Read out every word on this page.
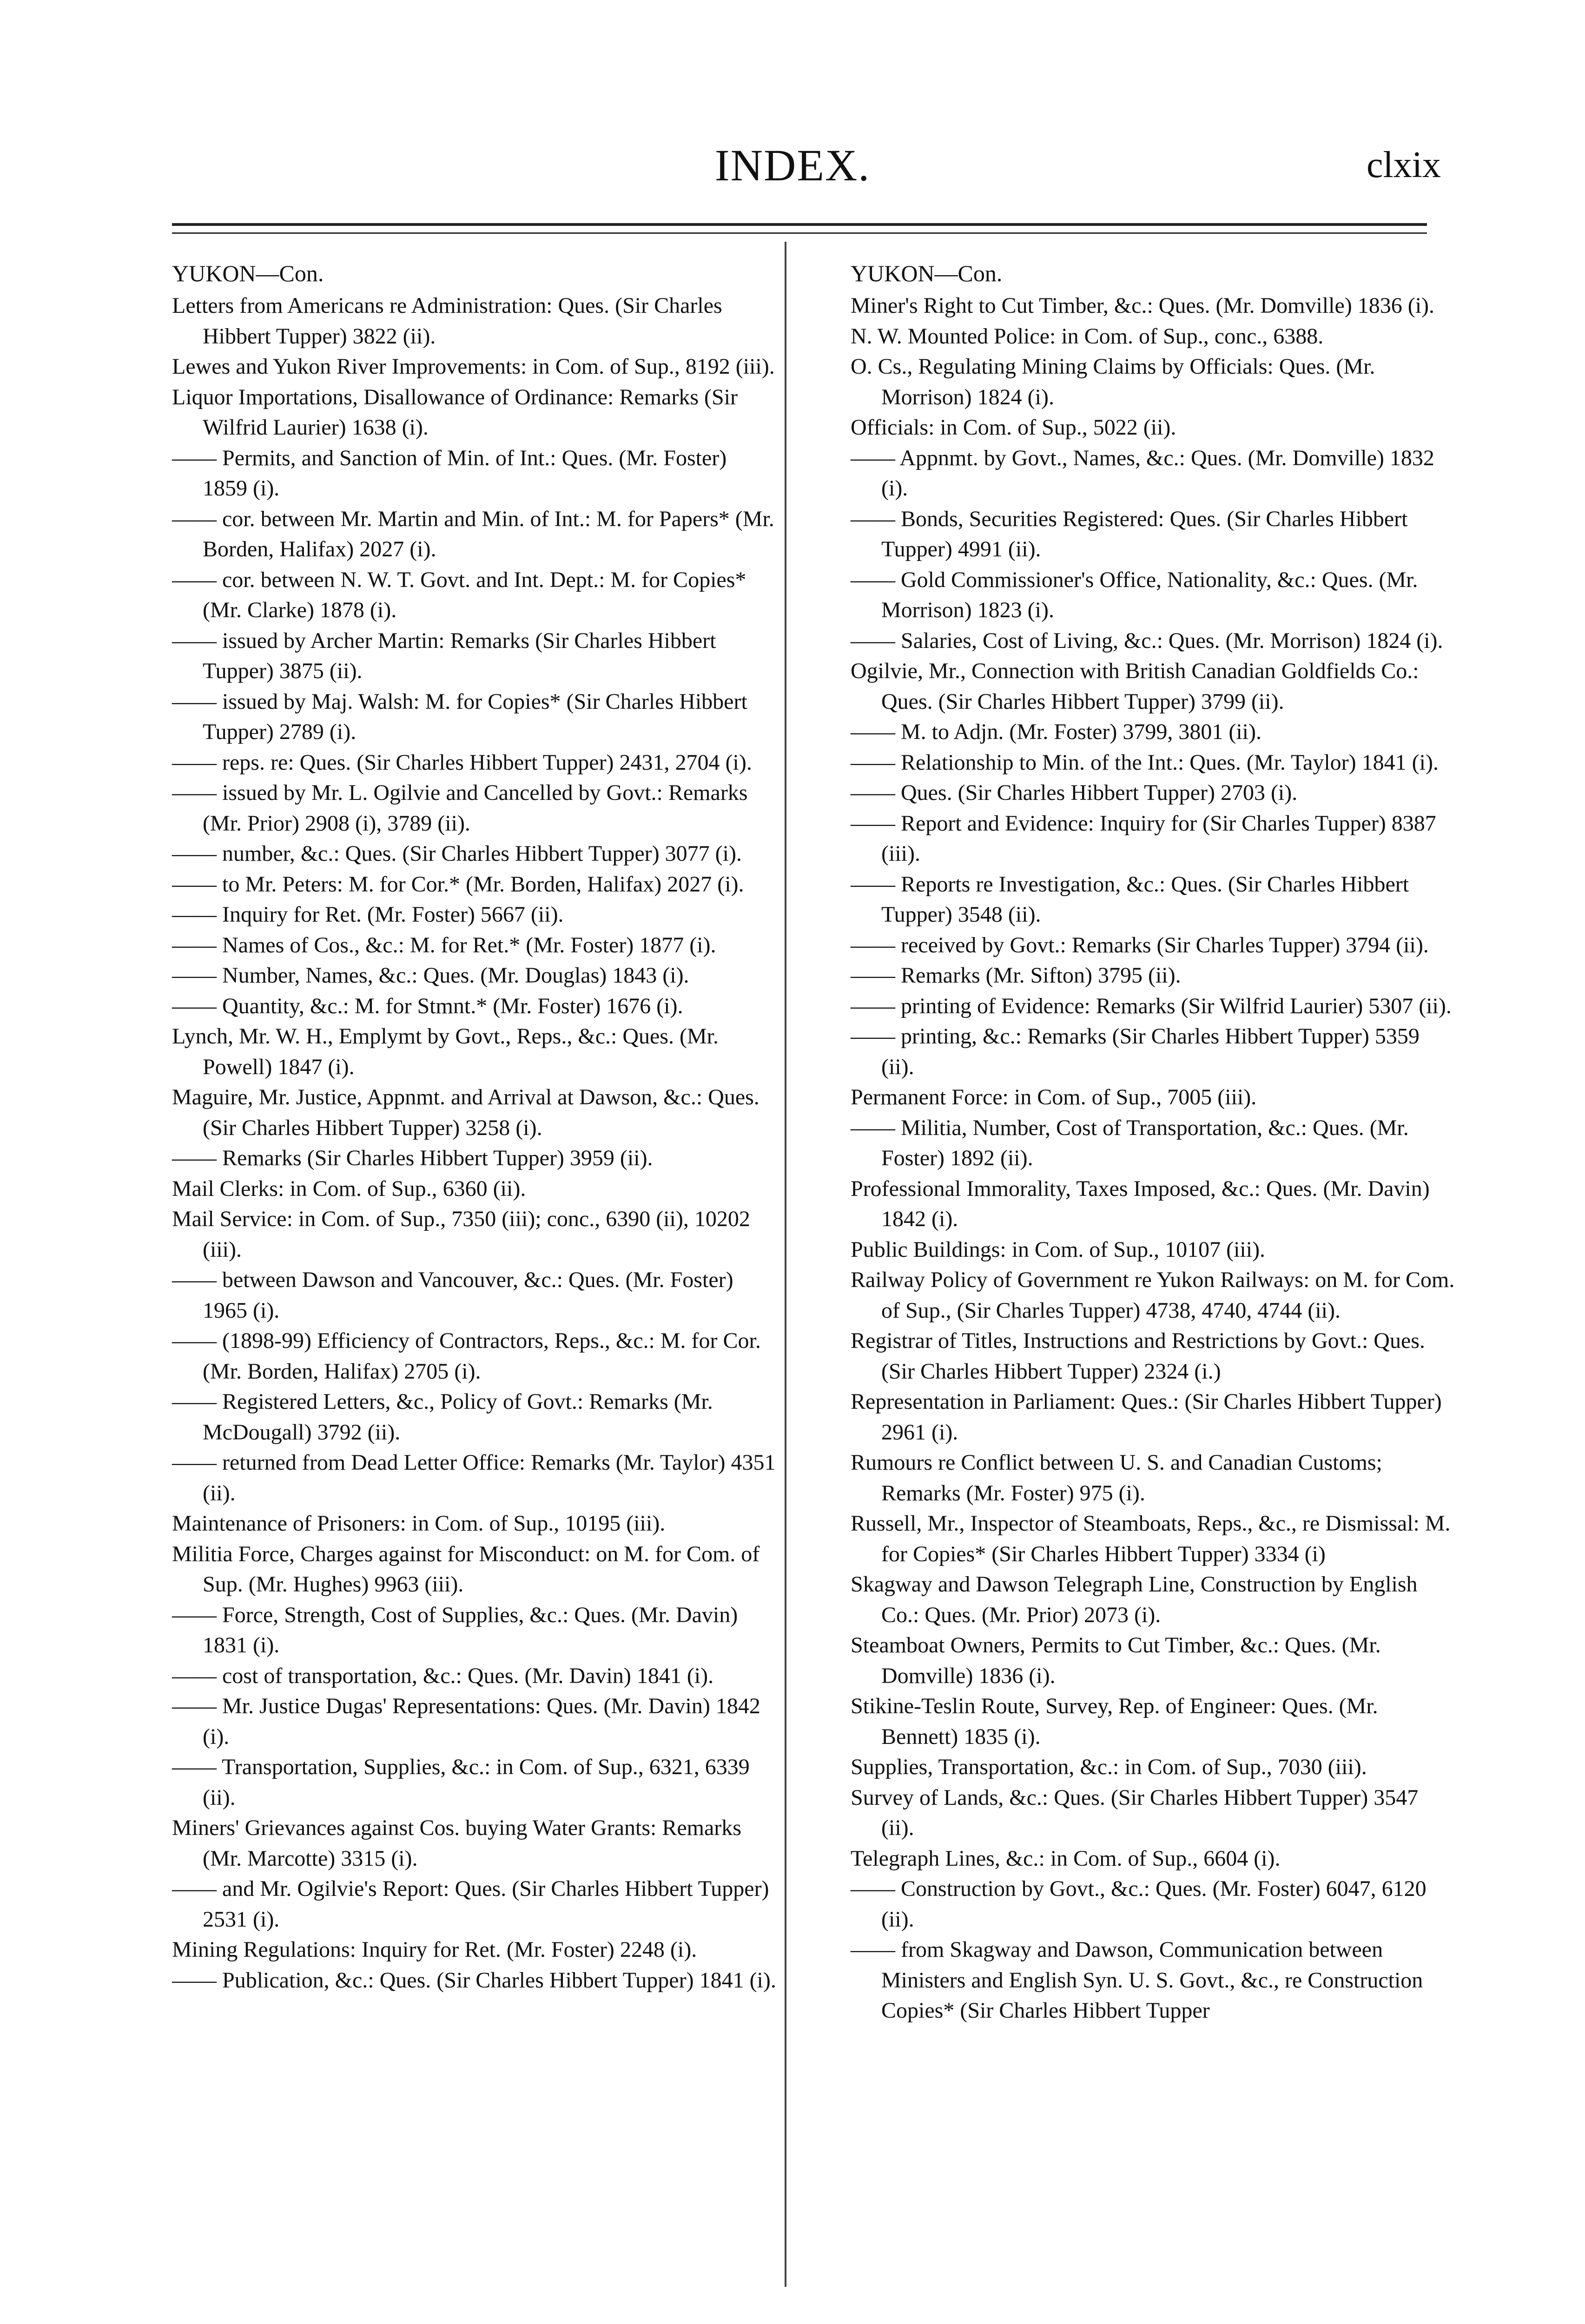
INDEX.	clxix
YUKON—Con.
Letters from Americans re Administration: Ques. (Sir Charles Hibbert Tupper) 3822 (ii).
Lewes and Yukon River Improvements: in Com. of Sup., 8192 (iii).
Liquor Importations, Disallowance of Ordinance: Remarks (Sir Wilfrid Laurier) 1638 (i).
—— Permits, and Sanction of Min. of Int.: Ques. (Mr. Foster) 1859 (i).
—— cor. between Mr. Martin and Min. of Int.: M. for Papers* (Mr. Borden, Halifax) 2027 (i).
—— cor. between N. W. T. Govt. and Int. Dept.: M. for Copies* (Mr. Clarke) 1878 (i).
—— issued by Archer Martin: Remarks (Sir Charles Hibbert Tupper) 3875 (ii).
—— issued by Maj. Walsh: M. for Copies* (Sir Charles Hibbert Tupper) 2789 (i).
—— reps. re: Ques. (Sir Charles Hibbert Tupper) 2431, 2704 (i).
—— issued by Mr. L. Ogilvie and Cancelled by Govt.: Remarks (Mr. Prior) 2908 (i), 3789 (ii).
—— number, &c.: Ques. (Sir Charles Hibbert Tupper) 3077 (i).
—— to Mr. Peters: M. for Cor.* (Mr. Borden, Halifax) 2027 (i).
—— Inquiry for Ret. (Mr. Foster) 5667 (ii).
—— Names of Cos., &c.: M. for Ret.* (Mr. Foster) 1877 (i).
—— Number, Names, &c.: Ques. (Mr. Douglas) 1843 (i).
—— Quantity, &c.: M. for Stmnt.* (Mr. Foster) 1676 (i).
Lynch, Mr. W. H., Emplymt by Govt., Reps., &c.: Ques. (Mr. Powell) 1847 (i).
Maguire, Mr. Justice, Appnmt. and Arrival at Dawson, &c.: Ques. (Sir Charles Hibbert Tupper) 3258 (i).
—— Remarks (Sir Charles Hibbert Tupper) 3959 (ii).
Mail Clerks: in Com. of Sup., 6360 (ii).
Mail Service: in Com. of Sup., 7350 (iii); conc., 6390 (ii), 10202 (iii).
—— between Dawson and Vancouver, &c.: Ques. (Mr. Foster) 1965 (i).
—— (1898-99) Efficiency of Contractors, Reps., &c.: M. for Cor. (Mr. Borden, Halifax) 2705 (i).
—— Registered Letters, &c., Policy of Govt.: Remarks (Mr. McDougall) 3792 (ii).
—— returned from Dead Letter Office: Remarks (Mr. Taylor) 4351 (ii).
Maintenance of Prisoners: in Com. of Sup., 10195 (iii).
Militia Force, Charges against for Misconduct: on M. for Com. of Sup. (Mr. Hughes) 9963 (iii).
—— Force, Strength, Cost of Supplies, &c.: Ques. (Mr. Davin) 1831 (i).
—— cost of transportation, &c.: Ques. (Mr. Davin) 1841 (i).
—— Mr. Justice Dugas' Representations: Ques. (Mr. Davin) 1842 (i).
—— Transportation, Supplies, &c.: in Com. of Sup., 6321, 6339 (ii).
Miners' Grievances against Cos. buying Water Grants: Remarks (Mr. Marcotte) 3315 (i).
—— and Mr. Ogilvie's Report: Ques. (Sir Charles Hibbert Tupper) 2531 (i).
Mining Regulations: Inquiry for Ret. (Mr. Foster) 2248 (i).
—— Publication, &c.: Ques. (Sir Charles Hibbert Tupper) 1841 (i).
YUKON—Con.
Miner's Right to Cut Timber, &c.: Ques. (Mr. Domville) 1836 (i).
N. W. Mounted Police: in Com. of Sup., conc., 6388.
O. Cs., Regulating Mining Claims by Officials: Ques. (Mr. Morrison) 1824 (i).
Officials: in Com. of Sup., 5022 (ii).
—— Appnmt. by Govt., Names, &c.: Ques. (Mr. Domville) 1832 (i).
—— Bonds, Securities Registered: Ques. (Sir Charles Hibbert Tupper) 4991 (ii).
—— Gold Commissioner's Office, Nationality, &c.: Ques. (Mr. Morrison) 1823 (i).
—— Salaries, Cost of Living, &c.: Ques. (Mr. Morrison) 1824 (i).
Ogilvie, Mr., Connection with British Canadian Goldfields Co.: Ques. (Sir Charles Hibbert Tupper) 3799 (ii).
—— M. to Adjn. (Mr. Foster) 3799, 3801 (ii).
—— Relationship to Min. of the Int.: Ques. (Mr. Taylor) 1841 (i).
—— Ques. (Sir Charles Hibbert Tupper) 2703 (i).
—— Report and Evidence: Inquiry for (Sir Charles Tupper) 8387 (iii).
—— Reports re Investigation, &c.: Ques. (Sir Charles Hibbert Tupper) 3548 (ii).
—— received by Govt.: Remarks (Sir Charles Tupper) 3794 (ii).
—— Remarks (Mr. Sifton) 3795 (ii).
—— printing of Evidence: Remarks (Sir Wilfrid Laurier) 5307 (ii).
—— printing, &c.: Remarks (Sir Charles Hibbert Tupper) 5359 (ii).
Permanent Force: in Com. of Sup., 7005 (iii).
—— Militia, Number, Cost of Transportation, &c.: Ques. (Mr. Foster) 1892 (ii).
Professional Immorality, Taxes Imposed, &c.: Ques. (Mr. Davin) 1842 (i).
Public Buildings: in Com. of Sup., 10107 (iii).
Railway Policy of Government re Yukon Railways: on M. for Com. of Sup., (Sir Charles Tupper) 4738, 4740, 4744 (ii).
Registrar of Titles, Instructions and Restrictions by Govt.: Ques. (Sir Charles Hibbert Tupper) 2324 (i.)
Representation in Parliament: Ques.: (Sir Charles Hibbert Tupper) 2961 (i).
Rumours re Conflict between U. S. and Canadian Customs; Remarks (Mr. Foster) 975 (i).
Russell, Mr., Inspector of Steamboats, Reps., &c., re Dismissal: M. for Copies* (Sir Charles Hibbert Tupper) 3334 (i)
Skagway and Dawson Telegraph Line, Construction by English Co.: Ques. (Mr. Prior) 2073 (i).
Steamboat Owners, Permits to Cut Timber, &c.: Ques. (Mr. Domville) 1836 (i).
Stikine-Teslin Route, Survey, Rep. of Engineer: Ques. (Mr. Bennett) 1835 (i).
Supplies, Transportation, &c.: in Com. of Sup., 7030 (iii).
Survey of Lands, &c.: Ques. (Sir Charles Hibbert Tupper) 3547 (ii).
Telegraph Lines, &c.: in Com. of Sup., 6604 (i).
—— Construction by Govt., &c.: Ques. (Mr. Foster) 6047, 6120 (ii).
—— from Skagway and Dawson, Communication between Ministers and English Syn. U. S. Govt., &c., re Construction Copies* (Sir Charles Hibbert Tupper
